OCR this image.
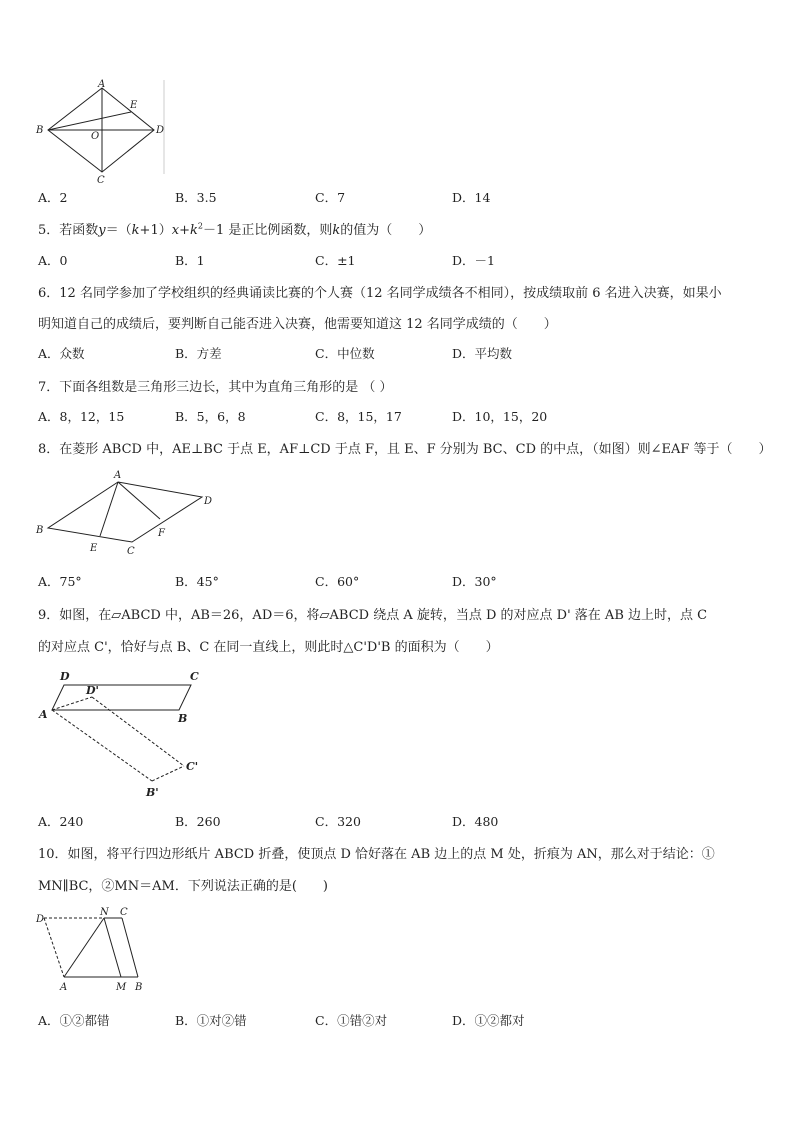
A
B
C
D
E
O
A．2	B．3.5	C．7	D．14
5．若函数$y=(k+1)x+k^2-1$ 是正比例函数，则k的值为（　　）
A．0	B．1	C．±1	D．－1
6．12 名同学参加了学校组织的经典诵读比赛的个人赛（12 名同学成绩各不相同），按成绩取前 6 名进入决赛，如果小
明知道自己的成绩后，要判断自己能否进入决赛，他需要知道这 12 名同学成绩的（　　）
A．众数	B．方差	C．中位数	D．平均数
7．下面各组数是三角形三边长，其中为直角三角形的是 （ ）
A．8，12，15	B．5，6，8	C．8，15，17	D．10，15，20
8．在菱形 ABCD 中，AE⊥BC 于点 E，AF⊥CD 于点 F，且 E、F 分别为 BC、CD 的中点，（如图）则∠EAF 等于（　　）
A
B
C
D
E
F
A．75°	B．45°	C．60°	D．30°
9．如图，在▱ABCD 中，AB＝26，AD＝6，将▱ABCD 绕点 A 旋转，当点 D 的对应点 D' 落在 AB 边上时，点 C
的对应点 C'，恰好与点 B、C 在同一直线上，则此时△C'D'B 的面积为（　　）
D	C
D'
A	B
C'
B'
A．240	B．260	C．320	D．480
10．如图，将平行四边形纸片 ABCD 折叠，使顶点 D 恰好落在 AB 边上的点 M 处，折痕为 AN，那么对于结论：①
MN∥BC，②MN＝AM．下列说法正确的是(　　)
D
N C
A	M B
A．①②都错	B．①对②错	C．①错②对	D．①②都对
